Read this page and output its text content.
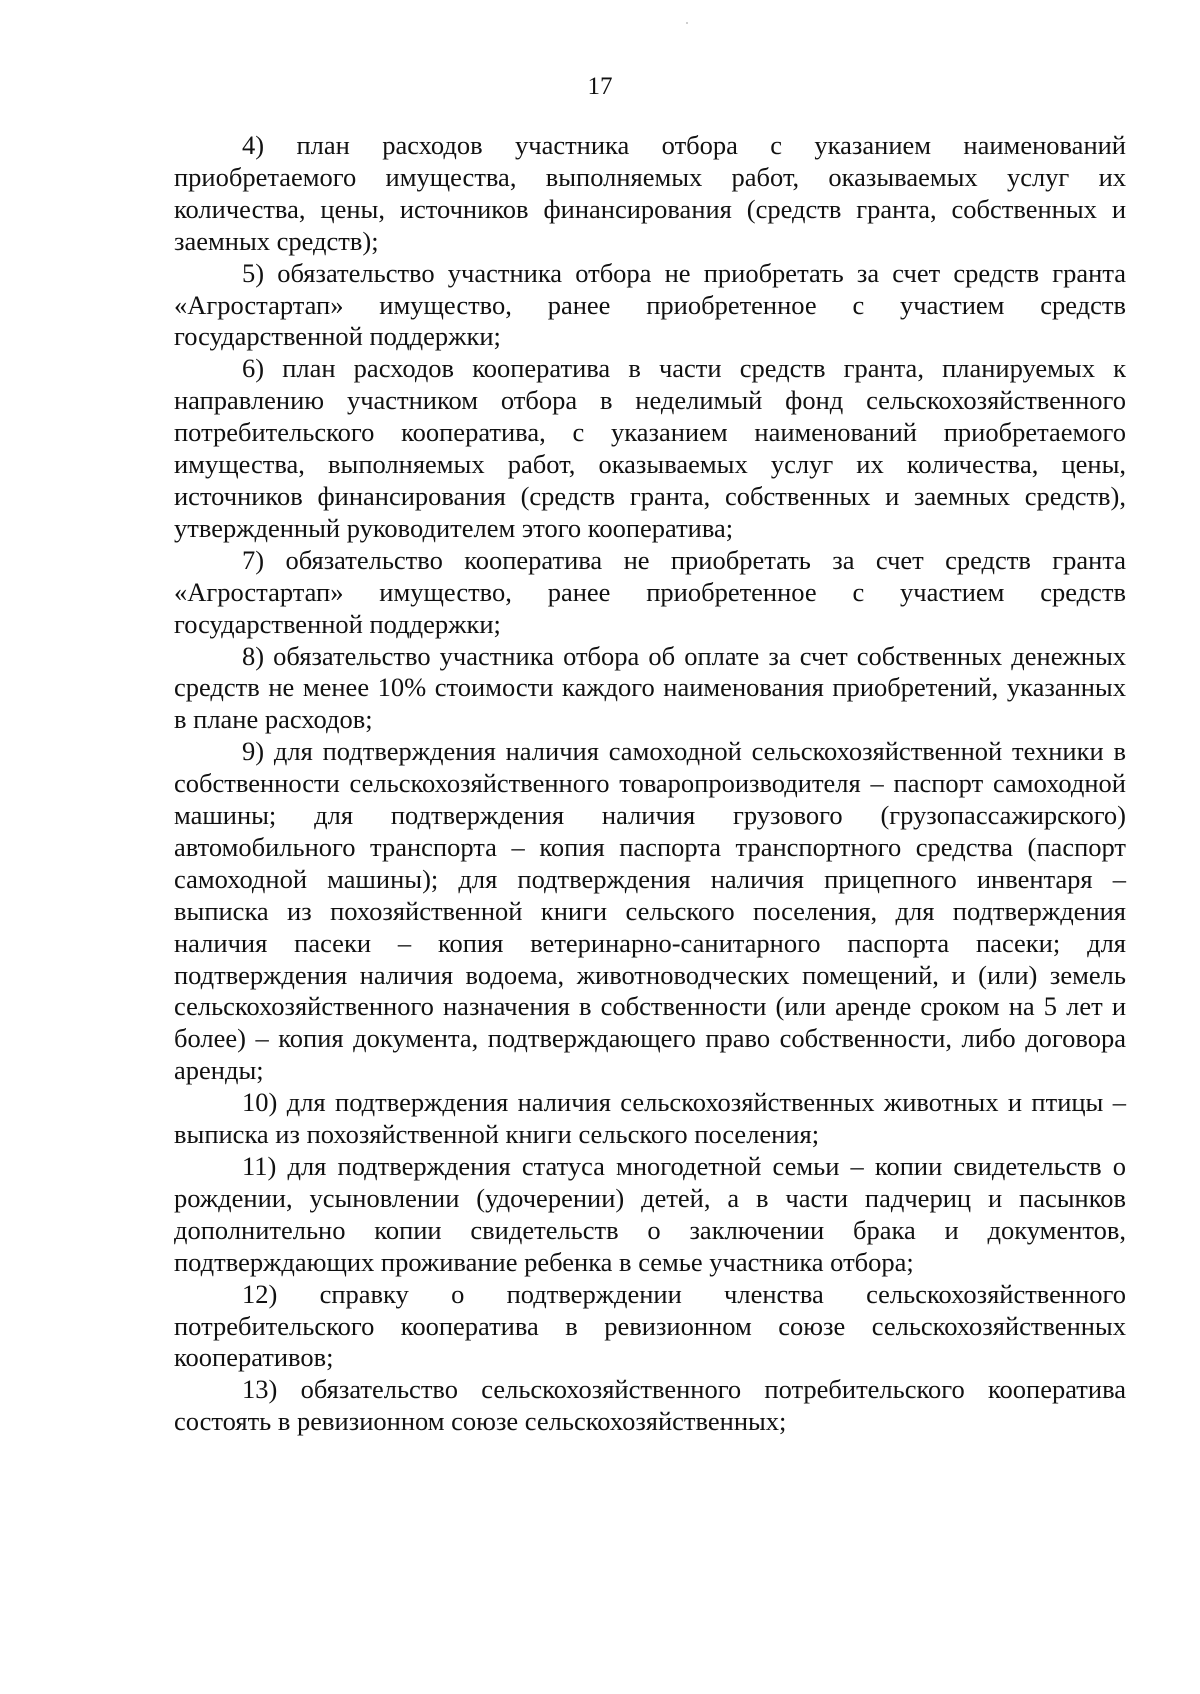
17

4) план расходов участника отбора с указанием наименований приобретаемого имущества, выполняемых работ, оказываемых услуг их количества, цены, источников финансирования (средств гранта, собственных и заемных средств);

5) обязательство участника отбора не приобретать за счет средств гранта «Агростартап» имущество, ранее приобретенное с участием средств государственной поддержки;

6) план расходов кооператива в части средств гранта, планируемых к направлению участником отбора в неделимый фонд сельскохозяйственного потребительского кооператива, с указанием наименований приобретаемого имущества, выполняемых работ, оказываемых услуг их количества, цены, источников финансирования (средств гранта, собственных и заемных средств), утвержденный руководителем этого кооператива;

7) обязательство кооператива не приобретать за счет средств гранта «Агростартап» имущество, ранее приобретенное с участием средств государственной поддержки;

8) обязательство участника отбора об оплате за счет собственных денежных средств не менее 10% стоимости каждого наименования приобретений, указанных в плане расходов;

9) для подтверждения наличия самоходной сельскохозяйственной техники в собственности сельскохозяйственного товаропроизводителя – паспорт самоходной машины; для подтверждения наличия грузового (грузопассажирского) автомобильного транспорта – копия паспорта транспортного средства (паспорт самоходной машины); для подтверждения наличия прицепного инвентаря – выписка из похозяйственной книги сельского поселения, для подтверждения наличия пасеки – копия ветеринарно-санитарного паспорта пасеки; для подтверждения наличия водоема, животноводческих помещений, и (или) земель сельскохозяйственного назначения в собственности (или аренде сроком на 5 лет и более) – копия документа, подтверждающего право собственности, либо договора аренды;

10) для подтверждения наличия сельскохозяйственных животных и птицы – выписка из похозяйственной книги сельского поселения;

11) для подтверждения статуса многодетной семьи – копии свидетельств о рождении, усыновлении (удочерении) детей, а в части падчериц и пасынков дополнительно копии свидетельств о заключении брака и документов, подтверждающих проживание ребенка в семье участника отбора;

12) справку о подтверждении членства сельскохозяйственного потребительского кооператива в ревизионном союзе сельскохозяйственных кооперативов;

13) обязательство сельскохозяйственного потребительского кооператива состоять в ревизионном союзе сельскохозяйственных;
